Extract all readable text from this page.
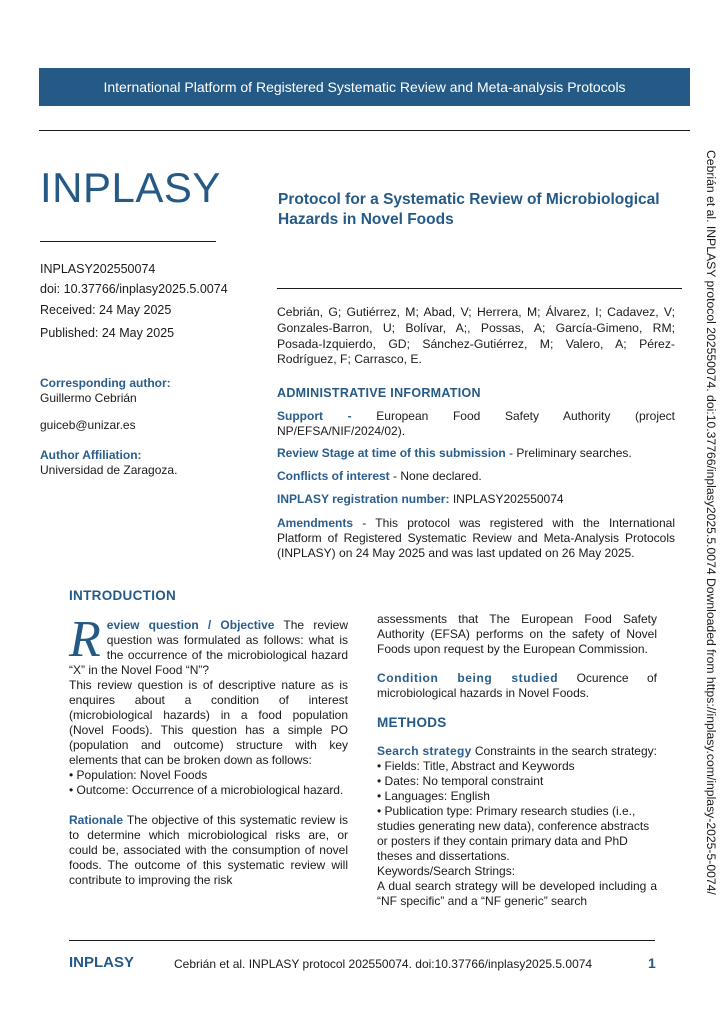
International Platform of Registered Systematic Review and Meta-analysis Protocols
INPLASY
INPLASY202550074
doi: 10.37766/inplasy2025.5.0074
Received: 24 May 2025
Published: 24 May 2025
Corresponding author:
Guillermo Cebrián
guiceb@unizar.es
Author Affiliation:
Universidad de Zaragoza.
Protocol for a Systematic Review of Microbiological Hazards in Novel Foods
Cebrián, G; Gutiérrez, M; Abad, V; Herrera, M; Álvarez, I; Cadavez, V; Gonzales-Barron, U; Bolívar, A;, Possas, A; García-Gimeno, RM; Posada-Izquierdo, GD; Sánchez-Gutiérrez, M; Valero, A; Pérez-Rodríguez, F; Carrasco, E.
ADMINISTRATIVE INFORMATION
Support - European Food Safety Authority (project NP/EFSA/NIF/2024/02).
Review Stage at time of this submission - Preliminary searches.
Conflicts of interest - None declared.
INPLASY registration number: INPLASY202550074
Amendments - This protocol was registered with the International Platform of Registered Systematic Review and Meta-Analysis Protocols (INPLASY) on 24 May 2025 and was last updated on 26 May 2025.	Cebrián et al. INPLASY protocol 202550074. doi:10.37766/inplasy2025.5.0074 Downloaded from https://inplasy.com/inplasy-2025-5-0074/

INTRODUCTION

Review question / Objective The review question was formulated as follows: what is the occurrence of the microbiological hazard “X” in the Novel Food “N”?

This review question is of descriptive nature as is enquires about a condition of interest (microbiological hazards) in a food population (Novel Foods). This question has a simple PO (population and outcome) structure with key elements that can be broken down as follows:

• Population: Novel Foods

• Outcome: Occurrence of a microbiological hazard.

Rationale The objective of this systematic review is to determine which microbiological risks are, or could be, associated with the consumption of novel foods. The outcome of this systematic review will contribute to improving the risk

assessments that The European Food Safety Authority (EFSA) performs on the safety of Novel Foods upon request by the European Commission.

Condition being studied Ocurence of microbiological hazards in Novel Foods.

METHODS

Search strategy Constraints in the search strategy:

• Fields: Title, Abstract and Keywords

• Dates: No temporal constraint

• Languages: English

• Publication type: Primary research studies (i.e., studies generating new data), conference abstracts or posters if they contain primary data and PhD theses and dissertations.

Keywords/Search Strings:

A dual search strategy will be developed including a “NF specific” and a “NF generic” search

INPLASY	Cebrián et al. INPLASY protocol 202550074. doi:10.37766/inplasy2025.5.0074	1
